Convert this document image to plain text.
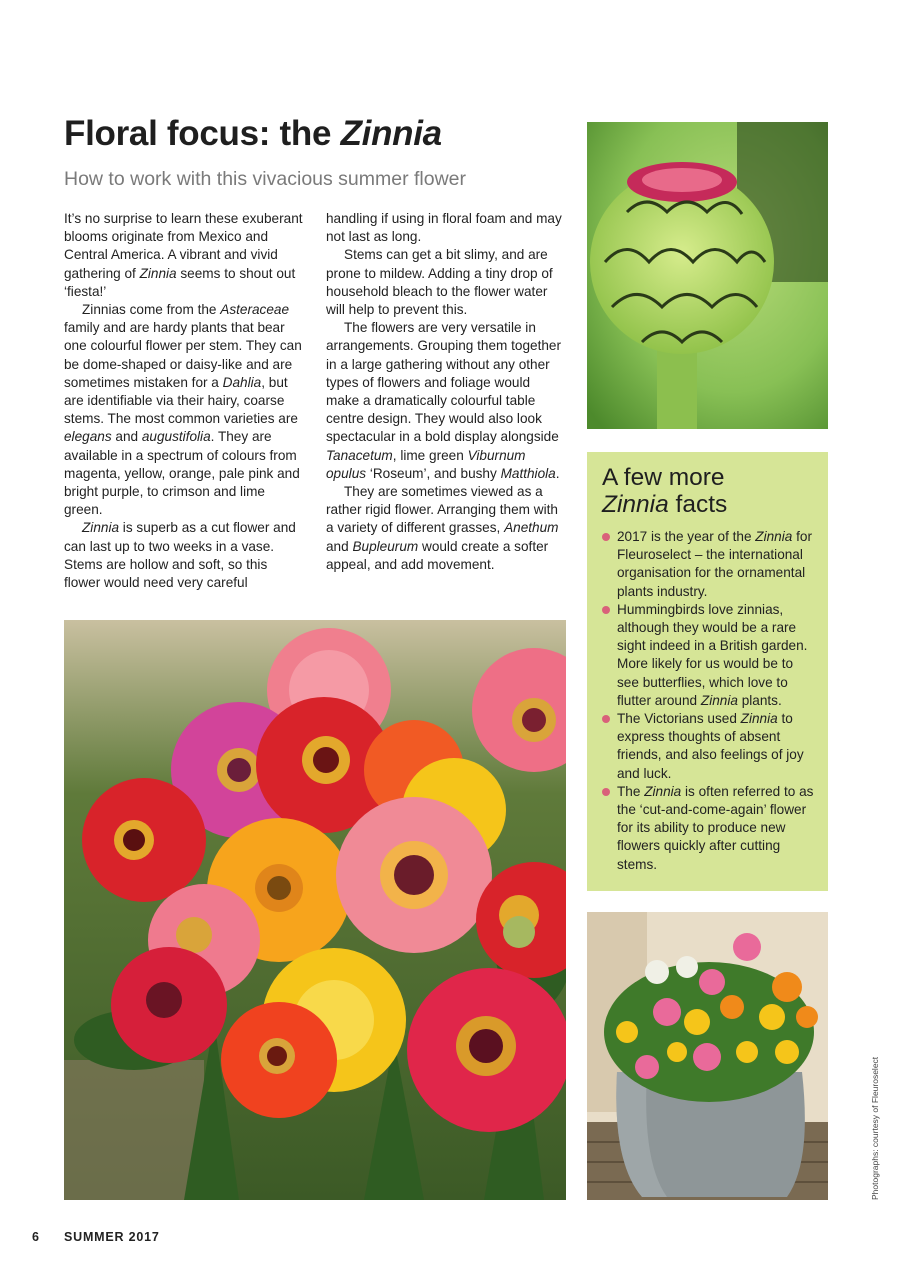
Floral focus: the Zinnia
How to work with this vivacious summer flower

It’s no surprise to learn these exuberant blooms originate from Mexico and Central America. A vibrant and vivid gathering of Zinnia seems to shout out ‘fiesta!’

Zinnias come from the Asteraceae family and are hardy plants that bear one colourful flower per stem. They can be dome-shaped or daisy-like and are sometimes mistaken for a Dahlia, but are identifiable via their hairy, coarse stems. The most common varieties are elegans and augustifolia. They are available in a spectrum of colours from magenta, yellow, orange, pale pink and bright purple, to crimson and lime green.

Zinnia is superb as a cut flower and can last up to two weeks in a vase. Stems are hollow and soft, so this flower would need very careful

handling if using in floral foam and may not last as long.

Stems can get a bit slimy, and are prone to mildew. Adding a tiny drop of household bleach to the flower water will help to prevent this.

The flowers are very versatile in arrangements. Grouping them together in a large gathering without any other types of flowers and foliage would make a dramatically colourful table centre design. They would also look spectacular in a bold display alongside Tanacetum, lime green Viburnum opulus ‘Roseum’, and bushy Matthiola.

They are sometimes viewed as a rather rigid flower. Arranging them with a variety of different grasses, Anethum and Bupleurum would create a softer appeal, and add movement.

A few more
Zinnia facts
2017 is the year of the Zinnia for Fleuroselect – the international organisation for the ornamental plants industry.
Hummingbirds love zinnias, although they would be a rare sight indeed in a British garden. More likely for us would be to see butterflies, which love to flutter around Zinnia plants.
The Victorians used Zinnia to express thoughts of absent friends, and also feelings of joy and luck.
The Zinnia is often referred to as the ‘cut-and-come-again’ flower for its ability to produce new flowers quickly after cutting stems.
Photographs: courtesy of Fleuroselect
6 SUMMER 2017
